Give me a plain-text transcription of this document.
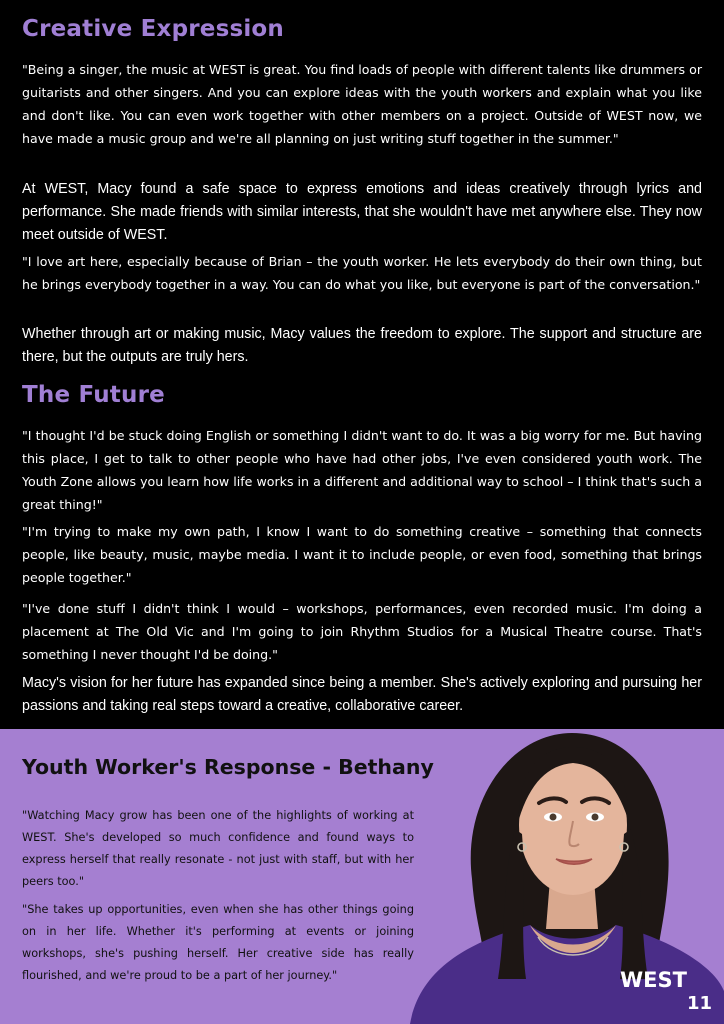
Creative Expression

"Being a singer, the music at WEST is great. You find loads of people with different talents like drummers or guitarists and other singers. And you can explore ideas with the youth workers and explain what you like and don't like. You can even work together with other members on a project. Outside of WEST now, we have made a music group and we're all planning on just writing stuff together in the summer."

At WEST, Macy found a safe space to express emotions and ideas creatively through lyrics and performance. She made friends with similar interests, that she wouldn't have met anywhere else. They now meet outside of WEST.

"I love art here, especially because of Brian – the youth worker. He lets everybody do their own thing, but he brings everybody together in a way. You can do what you like, but everyone is part of the conversation."

Whether through art or making music, Macy values the freedom to explore. The support and structure are there, but the outputs are truly hers.

The Future

"I thought I'd be stuck doing English or something I didn't want to do. It was a big worry for me. But having this place, I get to talk to other people who have had other jobs, I've even considered youth work. The Youth Zone allows you learn how life works in a different and additional way to school – I think that's such a great thing!"

"I'm trying to make my own path, I know I want to do something creative – something that connects people, like beauty, music, maybe media. I want it to include people, or even food, something that brings people together."

"I've done stuff I didn't think I would – workshops, performances, even recorded music. I'm doing a placement at The Old Vic and I'm going to join Rhythm Studios for a Musical Theatre course. That's something I never thought I'd be doing."

Macy's vision for her future has expanded since being a member. She's actively exploring and pursuing her passions and taking real steps toward a creative, collaborative career.

Youth Worker's Response - Bethany

"Watching Macy grow has been one of the highlights of working at WEST. She's developed so much confidence and found ways to express herself that really resonate - not just with staff, but with her peers too."

"She takes up opportunities, even when she has other things going on in her life. Whether it's performing at events or joining workshops, she's pushing herself. Her creative side has really flourished, and we're proud to be a part of her journey."	WEST
11
